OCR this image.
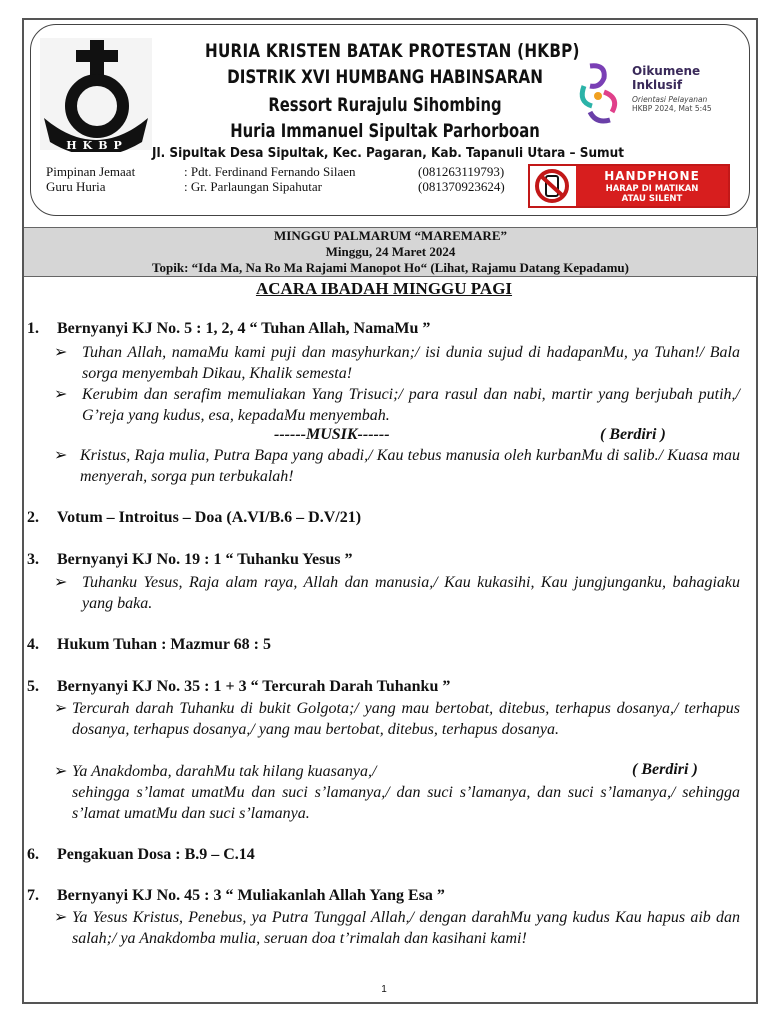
HKBP
HURIA KRISTEN BATAK PROTESTAN (HKBP)
DISTRIK XVI HUMBANG HABINSARAN
Ressort Rurajulu Sihombing
Huria Immanuel Sipultak Parhorboan
Jl. Sipultak Desa Sipultak, Kec. Pagaran, Kab. Tapanuli Utara – Sumut
Pimpinan Jemaat	: Pdt. Ferdinand Fernando Silaen	(081263119793)
Guru Huria	: Gr. Parlaungan Sipahutar	(081370923624)
Oikumene
Inklusif
Orientasi Pelayanan
HKBP 2024, Mat 5:45
HANDPHONE
HARAP DI MATIKAN
ATAU SILENT
MINGGU PALMARUM “MAREMARE”
Minggu, 24 Maret 2024
Topik: “Ida Ma, Na Ro Ma Rajami Manopot Ho“ (Lihat, Rajamu Datang Kepadamu)
ACARA IBADAH MINGGU PAGI
1. Bernyanyi KJ No. 5 : 1, 2, 4 “ Tuhan Allah, NamaMu ”
➢ Tuhan Allah, namaMu kami puji dan masyhurkan;/ isi dunia sujud di hadapanMu, ya Tuhan!/ Bala sorga menyembah Dikau, Khalik semesta!
➢ Kerubim dan serafim memuliakan Yang Trisuci;/ para rasul dan nabi, martir yang berjubah putih,/ G’reja yang kudus, esa, kepadaMu menyembah.
------MUSIK------	( Berdiri )
➢ Kristus, Raja mulia, Putra Bapa yang abadi,/ Kau tebus manusia oleh kurbanMu di salib./ Kuasa mau menyerah, sorga pun terbukalah!
2. Votum – Introitus – Doa (A.VI/B.6 – D.V/21)
3. Bernyanyi KJ No. 19 : 1 “ Tuhanku Yesus ”
➢ Tuhanku Yesus, Raja alam raya, Allah dan manusia,/ Kau kukasihi, Kau jungjunganku, bahagiaku yang baka.
4. Hukum Tuhan : Mazmur 68 : 5
5. Bernyanyi KJ No. 35 : 1 + 3 “ Tercurah Darah Tuhanku ”
➢ Tercurah darah Tuhanku di bukit Golgota;/ yang mau bertobat, ditebus, terhapus dosanya,/ terhapus dosanya, terhapus dosanya,/ yang mau bertobat, ditebus, terhapus dosanya.
➢ Ya Anakdomba, darahMu tak hilang kuasanya,/
sehingga s’lamat umatMu dan suci s’lamanya,/ dan suci s’lamanya, dan suci s’lamanya,/ sehingga s’lamat umatMu dan suci s’lamanya.
( Berdiri )
6. Pengakuan Dosa : B.9 – C.14
7. Bernyanyi KJ No. 45 : 3 “ Muliakanlah Allah Yang Esa ”
➢ Ya Yesus Kristus, Penebus, ya Putra Tunggal Allah,/ dengan darahMu yang kudus Kau hapus aib dan salah;/ ya Anakdomba mulia, seruan doa t’rimalah dan kasihani kami!
1
